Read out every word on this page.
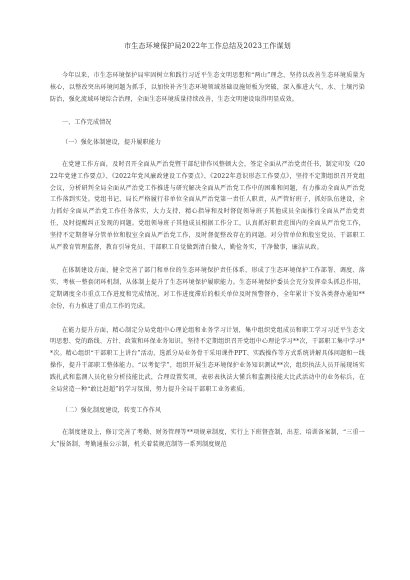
市生态环境保护局2022年工作总结及2023工作谋划

今年以来，市生态环境保护局牢固树立和践行习近平生态文明思想和“两山”理念，坚持以改善生态环境质量为核心，以整改突出环境问题为抓手，以加快补齐生态环境领域基础设施短板为突破，深入推进大气、水、土壤污染防治，强化流域环境综合治理，全面生态环境质量持续改善，生态文明建设取得明显成效。

一、工作完成情况

（一）强化体制建设，提升履职能力

在党建工作方面，及时召开全面从严治党暨干部纪律作风整顿大会，签定全面从严治党责任书，制定印发《2022年党建工作要点》、《2022年党风廉政建设工作要点》、《2022年意识形态工作要点》，坚持不定期组织召开党组会议，分析研判全局全面从严治党工作推进与研究解决全面从严治党工作中的困难和问题，有力推动全面从严治党工作落到实处。党组书记、局长严格履行非单位全面从严治党第一责任人职责，从严管好班子，抓好队伍建设，全力抓好全面从严治党工作任务落实，大力支持，精心指导和及时督促领导班子其他成员全面推行全面从严治党责任，及时提醒纠正发现的问题。党组领导班子其他成员根据工作分工，认真抓好职责范围内的全面从严治党工作，坚持不定期督导分管单位和股室全面从严治党工作，及时督促整改存在的问题。对分管单位和股室党员、干部职工从严教育管理监督，教育引导党员、干部职工自觉做到清白做人，勤俭务实，干净做事，廉洁从政。

在体制建设方面，健全完善了部门和单位的生态环境保护责任体系，形成了生态环境保护工作部署、调度、落实、考核一整套闭环机制，从体制上提升了生态环境保护履职能力。生态环境保护委员会充分发挥牵头抓总作用，定期调度全市重点工作进度和完成情况，对工作进度滞后的相关单位及时预警督办，全年累计下发各类督办通知**余份，有力推进了重点工作的完成。

在能力提升方面，精心制定分局党组中心理论组和业务学习计划，集中组织党组成员和职工学习习近平生态文明思想、党的路线、方针、政策和环保业务知识。坚持不定期组织召开党组中心理论学习**次，干部职工集中学习**次。精心组织“干部职工上讲台”活动，选派分局业务骨干采用课件PPT、实践操作等方式系统讲解具体问题和一线操作，提升干部职工整体能力。“以考促学”，组织开展生态环境保护业务知识测试**次，组织执法人员开展现场实践扎武和监测人员化验分析技能比武，合理设置奖项，表彰表执法大懂兵和监测技能大比武活动中的业务标兵，在全局营造一种“敢比赶超”的学习氛围，努力提升全局干部职工业务素质。

（二）强化制度建设，转变工作作风

在制度建设上，修订完善了考勤、财务管理等**项规章制度，实行上下班督查制，出差、培训备案制，“三重一大”报备制，考勤通报公示制，机关着装规范制等一系列制度规范
